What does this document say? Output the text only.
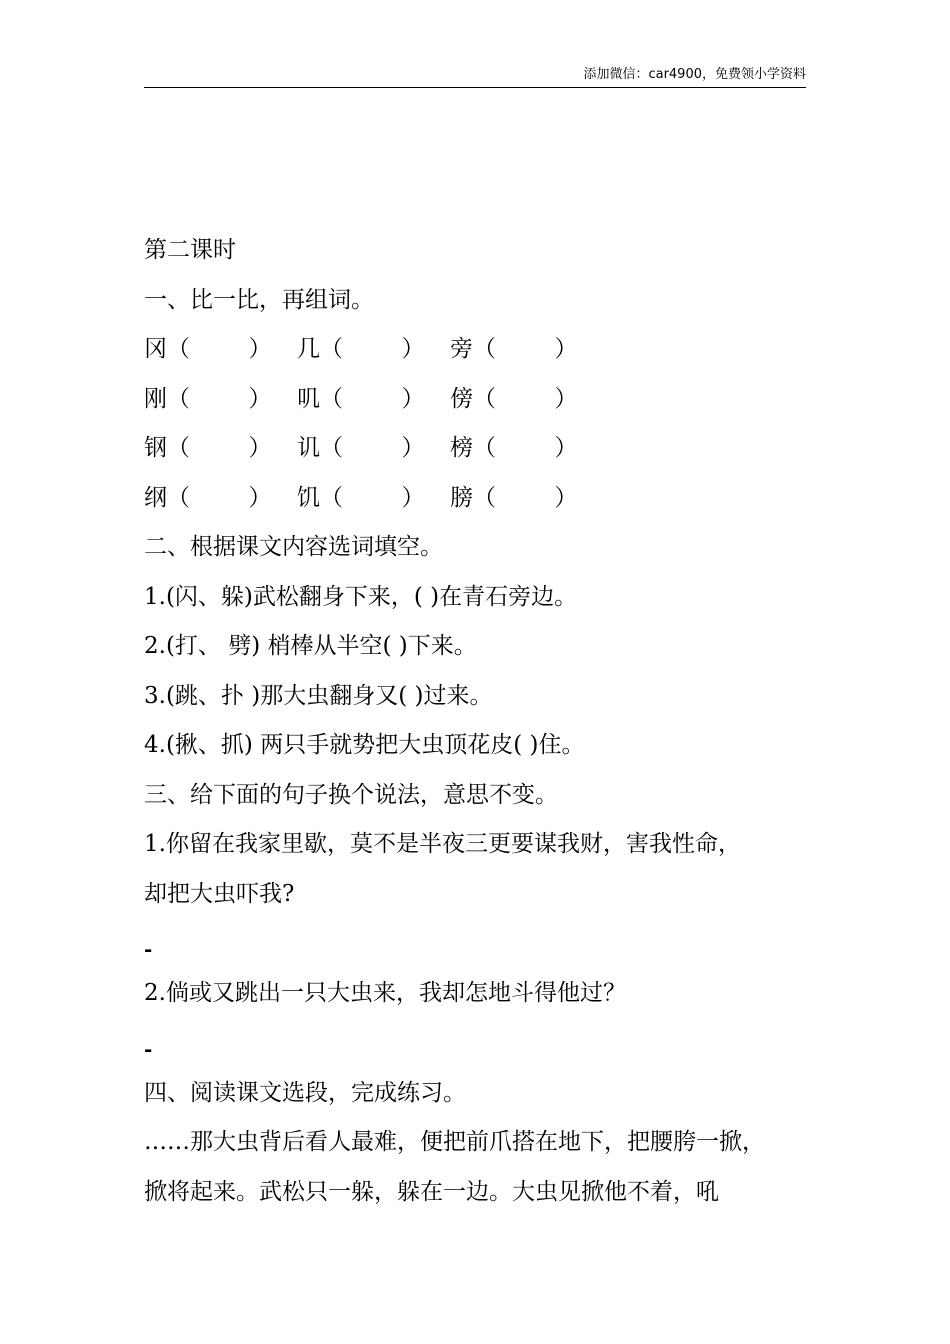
添加微信：car4900，免费领小学资料
第二课时
一、比一比，再组词。
冈（        ）	几（        ）	旁（        ）
刚（        ）	叽（        ）	傍（        ）
钢（        ）	讥（        ）	榜（        ）
纲（        ）	饥（        ）	膀（        ）
二、根据课文内容选词填空。
1.(闪、躲)武松翻身下来，( )在青石旁边。
2.(打、 劈) 梢棒从半空( )下来。
3.(跳、扑 )那大虫翻身又( )过来。
4.(揪、抓) 两只手就势把大虫顶花皮( )住。
三、给下面的句子换个说法，意思不变。
1.你留在我家里歇，莫不是半夜三更要谋我财，害我性命，
却把大虫吓我?
-
2.倘或又跳出一只大虫来，我却怎地斗得他过？
-
四、阅读课文选段，完成练习。
……那大虫背后看人最难，便把前爪搭在地下，把腰胯一掀，
掀将起来。武松只一躲，躲在一边。大虫见掀他不着，吼
